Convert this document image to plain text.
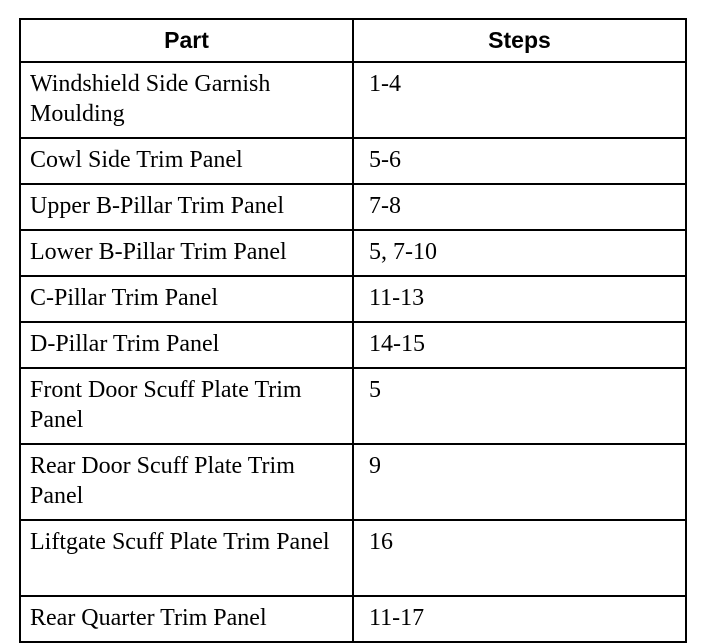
Part	Steps
Windshield Side Garnish Moulding	1-4
Cowl Side Trim Panel	5-6
Upper B-Pillar Trim Panel	7-8
Lower B-Pillar Trim Panel	5, 7-10
C-Pillar Trim Panel	11-13
D-Pillar Trim Panel	14-15
Front Door Scuff Plate Trim Panel	5
Rear Door Scuff Plate Trim Panel	9
Liftgate Scuff Plate Trim Panel	16
Rear Quarter Trim Panel	11-17
